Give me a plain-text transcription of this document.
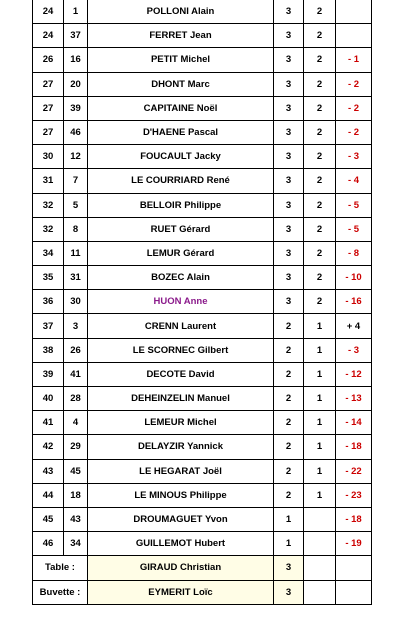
24	1	POLLONI Alain	3	2	
24	37	FERRET Jean	3	2	
26	16	PETIT Michel	3	2	- 1
27	20	DHONT Marc	3	2	- 2
27	39	CAPITAINE Noël	3	2	- 2
27	46	D'HAENE Pascal	3	2	- 2
30	12	FOUCAULT Jacky	3	2	- 3
31	7	LE COURRIARD René	3	2	- 4
32	5	BELLOIR Philippe	3	2	- 5
32	8	RUET Gérard	3	2	- 5
34	11	LEMUR Gérard	3	2	- 8
35	31	BOZEC Alain	3	2	- 10
36	30	HUON Anne	3	2	- 16
37	3	CRENN Laurent	2	1	+ 4
38	26	LE SCORNEC Gilbert	2	1	- 3
39	41	DECOTE David	2	1	- 12
40	28	DEHEINZELIN Manuel	2	1	- 13
41	4	LEMEUR Michel	2	1	- 14
42	29	DELAYZIR Yannick	2	1	- 18
43	45	LE HEGARAT Joël	2	1	- 22
44	18	LE MINOUS Philippe	2	1	- 23
45	43	DROUMAGUET Yvon	1		- 18
46	34	GUILLEMOT Hubert	1		- 19
Table :		GIRAUD Christian	3		
Buvette :		EYMERIT Loïc	3		
